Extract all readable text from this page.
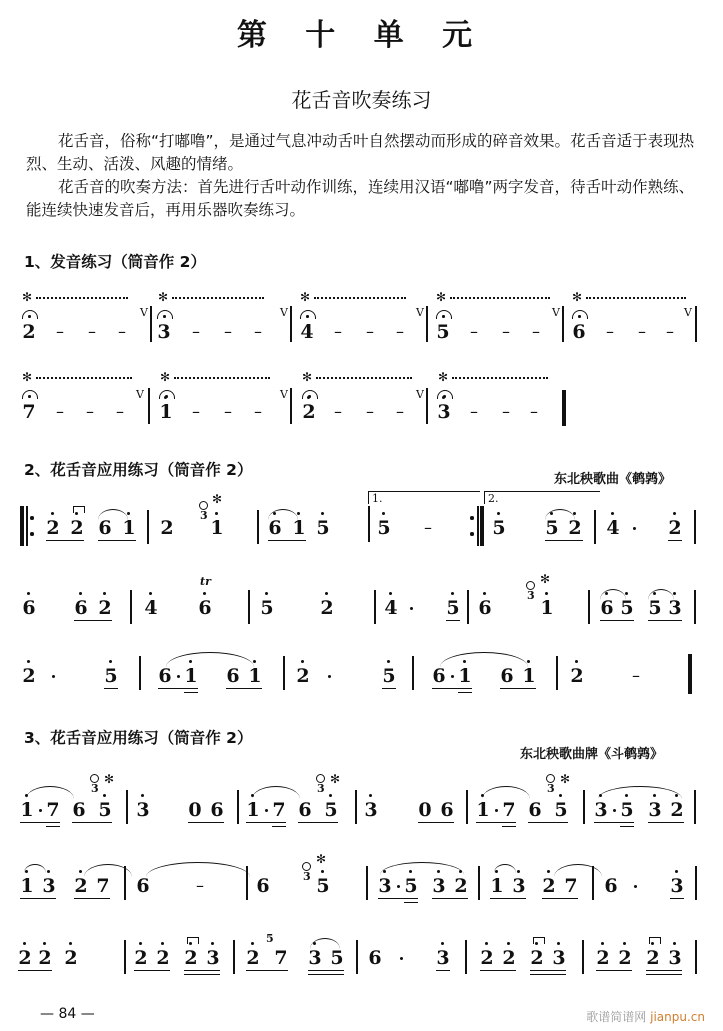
第 十 单 元
花舌音吹奏练习

花舌音，俗称“打嘟噜”，是通过气息冲动舌叶自然摆动而形成的碎音效果。花舌音适于表现热烈、生动、活泼、风趣的情绪。

花舌音的吹奏方法：首先进行舌叶动作训练，连续用汉语“嘟噜”两字发音，待舌叶动作熟练、能连续快速发音后，再用乐器吹奏练习。

1、发音练习（筒音作 2）
✻
2 – – –
V
✻
3 – – –
V
✻
4 – – –
V
✻
5 – – –
V
✻
6 – – –
V
✻
7 – – –
V
✻
1 – – –
V
✻
2 – – –
V
✻
3 – – –
2、花舌音应用练习（筒音作 2）
东北秧歌曲《鹌鹑》
2 2 6 1 2
3
✻
1 6 1 5
1.
5 –
2.
5 5 2 4	2
6 6 2 4
tr
6	5 2	4	5 6
3
✻
1 6 5 5 3
2	5 6 1 6 1 2	5 6 1 6 1 2	–
3、花舌音应用练习（筒音作 2）
东北秧歌曲牌《斗鹌鹑》
1 7 6
3
✻
5 3 0 6 1 7 6
3
✻
5 3 0 6 1 7 6
3
✻
5 3 5 3 2
1 3 2 7 6	–	6	3
✻
5	3 5 3 2 1 3 2 7 6	3
2 2 2	2 2 2 3 2
5
7 3 5 6	3 2 2 2 3 2 2 2 3
— 84 —	歌谱简谱网 jianpu.cn
